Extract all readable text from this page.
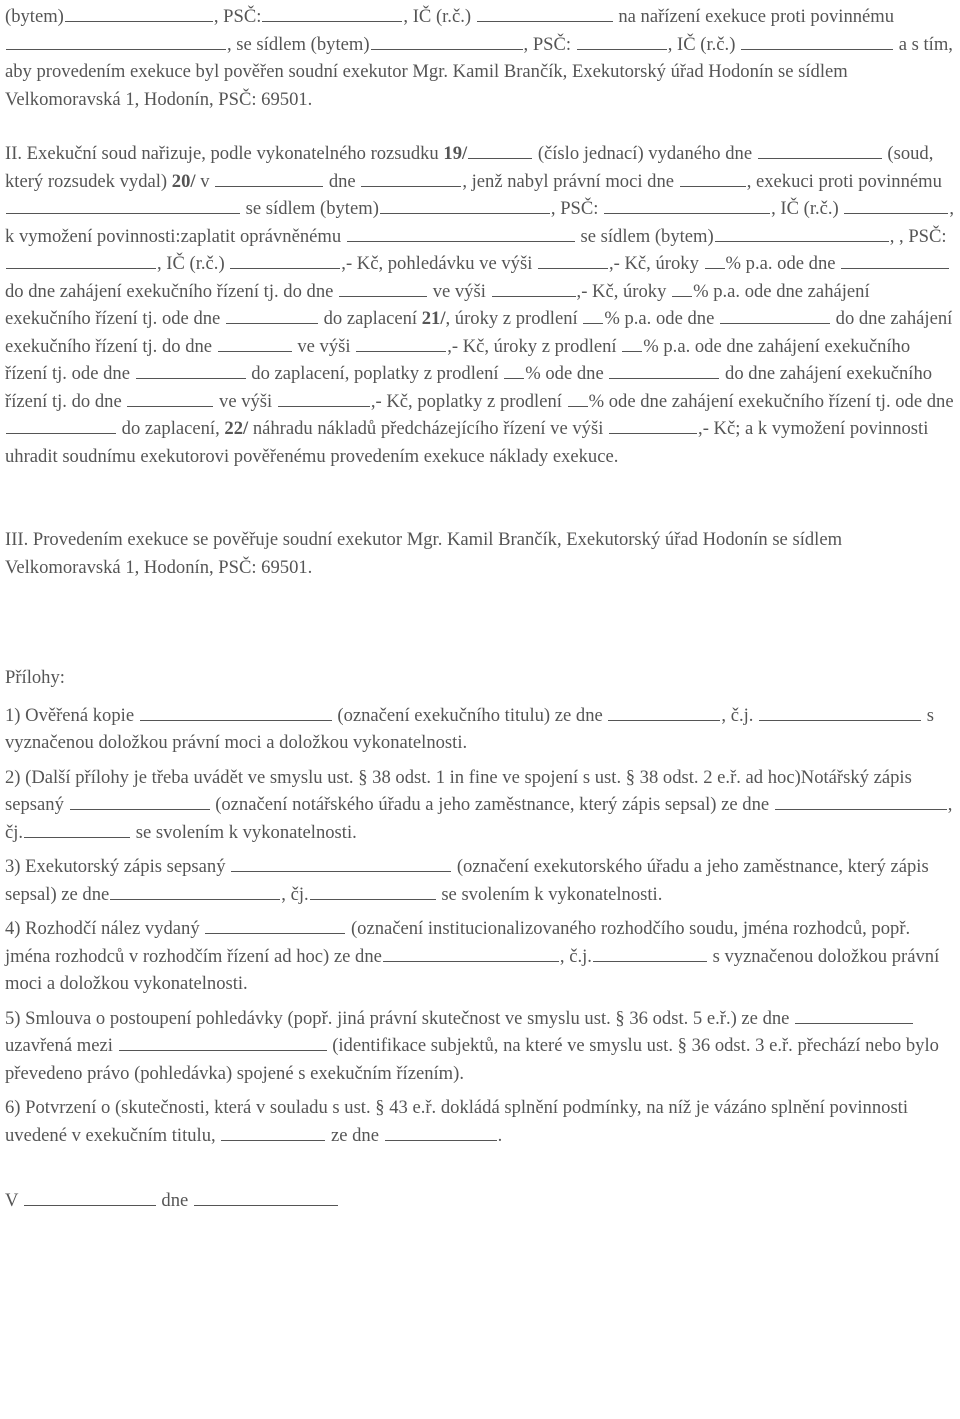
(bytem)	, PSČ:	, IČ (r.č.)	na nařízení exekuce proti povinnému, se sídlem (bytem)	, PSČ:	, IČ (r.č.)	a s tím, aby provedením exekuce byl pověřen soudní exekutor Mgr. Kamil Brančík, Exekutorský úřad Hodonín se sídlem Velkomoravská 1, Hodonín, PSČ: 69501.

II. Exekuční soud nařizuje, podle vykonatelného rozsudku 19/	(číslo jednací) vydaného dne	(soud, který rozsudek vydal) 20/ v	dne	, jenž nabyl právní moci dne	, exekuci proti povinnému  se sídlem (bytem)	, PSČ:	, IČ (r.č.)	, k vymožení povinnosti:zaplatit oprávněnému	se sídlem (bytem)	, , PSČ: , IČ (r.č.)	,- Kč, pohledávku ve výši	,- Kč, úroky % p.a. ode dne  do dne zahájení exekučního řízení tj. do dne	ve výši	,- Kč, úroky % p.a. ode dne zahájení exekučního řízení tj. ode dne	do zaplacení 21/, úroky z prodlení % p.a. ode dne	do dne zahájení exekučního řízení tj. do dne	ve výši	,- Kč, úroky z prodlení % p.a. ode dne zahájení exekučního řízení tj. ode dne	do zaplacení, poplatky z prodlení % ode dne	do dne zahájení exekučního řízení tj. do dne	ve výši	,- Kč, poplatky z prodlení % ode dne zahájení exekučního řízení tj. ode dne  do zaplacení, 22/ náhradu nákladů předcházejícího řízení ve výši	,- Kč; a k vymožení povinnosti uhradit soudnímu exekutorovi pověřenému provedením exekuce náklady exekuce.

III. Provedením exekuce se pověřuje soudní exekutor Mgr. Kamil Brančík, Exekutorský úřad Hodonín se sídlem Velkomoravská 1, Hodonín, PSČ: 69501.

Přílohy:

1) Ověřená kopie	(označení exekučního titulu) ze dne	, č.j.	s vyznačenou doložkou právní moci a doložkou vykonatelnosti.

2) (Další přílohy je třeba uvádět ve smyslu ust. § 38 odst. 1 in fine ve spojení s ust. § 38 odst. 2 e.ř. ad hoc)Notářský zápis sepsaný	(označení notářského úřadu a jeho zaměstnance, který zápis sepsal) ze dne	, čj.	se svolením k vykonatelnosti.

3) Exekutorský zápis sepsaný	(označení exekutorského úřadu a jeho zaměstnance, který zápis sepsal) ze dne	, čj.	se svolením k vykonatelnosti.

4) Rozhodčí nález vydaný	(označení institucionalizovaného rozhodčího soudu, jména rozhodců, popř. jména rozhodců v rozhodčím řízení ad hoc) ze dne	, č.j.	s vyznačenou doložkou právní moci a doložkou vykonatelnosti.

5) Smlouva o postoupení pohledávky (popř. jiná právní skutečnost ve smyslu ust. § 36 odst. 5 e.ř.) ze dne  uzavřená mezi	(identifikace subjektů, na které ve smyslu ust. § 36 odst. 3 e.ř. přechází nebo bylo převedeno právo (pohledávka) spojené s exekučním řízením).

6) Potvrzení o (skutečnosti, která v souladu s ust. § 43 e.ř. dokládá splnění podmínky, na níž je vázáno splnění povinnosti uvedené v exekučním titulu,	ze dne	.

V	dne
